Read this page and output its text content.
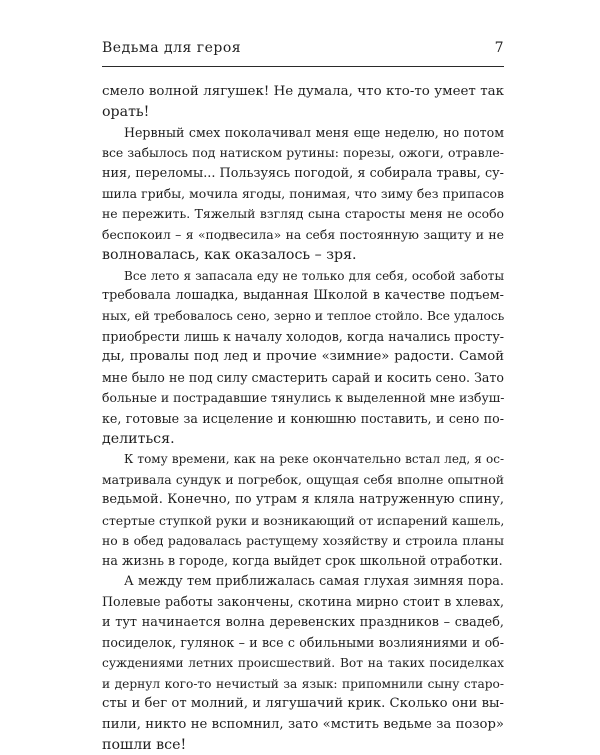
Ведьма для героя	7
смело волной лягушек! Не думала, что кто-то умеет так
орать!
Нервный смех поколачивал меня еще неделю, но потом
все забылось под натиском рутины: порезы, ожоги, отравле-
ния, переломы... Пользуясь погодой, я собирала травы, су-
шила грибы, мочила ягоды, понимая, что зиму без припасов
не пережить. Тяжелый взгляд сына старосты меня не особо
беспокоил – я «подвесила» на себя постоянную защиту и не
волновалась, как оказалось – зря.
Все лето я запасала еду не только для себя, особой заботы
требовала лошадка, выданная Школой в качестве подъем-
ных, ей требовалось сено, зерно и теплое стойло. Все удалось
приобрести лишь к началу холодов, когда начались просту-
ды, провалы под лед и прочие «зимние» радости. Самой
мне было не под силу смастерить сарай и косить сено. Зато
больные и пострадавшие тянулись к выделенной мне избуш-
ке, готовые за исцеление и конюшню поставить, и сено по-
делиться.
К тому времени, как на реке окончательно встал лед, я ос-
матривала сундук и погребок, ощущая себя вполне опытной
ведьмой. Конечно, по утрам я кляла натруженную спину,
стертые ступкой руки и возникающий от испарений кашель,
но в обед радовалась растущему хозяйству и строила планы
на жизнь в городе, когда выйдет срок школьной отработки.
А между тем приближалась самая глухая зимняя пора.
Полевые работы закончены, скотина мирно стоит в хлевах,
и тут начинается волна деревенских праздников – свадеб,
посиделок, гулянок – и все с обильными возлияниями и об-
суждениями летних происшествий. Вот на таких посиделках
и дернул кого-то нечистый за язык: припомнили сыну старо-
сты и бег от молний, и лягушачий крик. Сколько они вы-
пили, никто не вспомнил, зато «мстить ведьме за позор»
пошли все!
